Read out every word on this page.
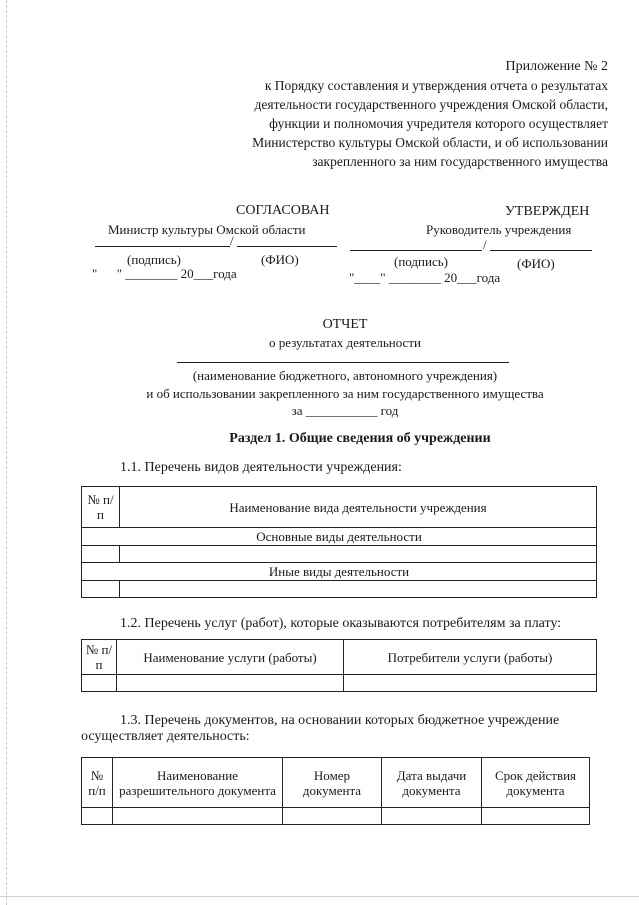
Приложение № 2
к Порядку составления и утверждения отчета о результатах
деятельности государственного учреждения Омской области,
функции и полномочия учредителя которого осуществляет
Министерство культуры Омской области, и об использовании
закрепленного за ним государственного имущества
СОГЛАСОВАН
Министр культуры Омской области
/
(подпись)	(ФИО)
"      " ________ 20___года
УТВЕРЖДЕН
Руководитель учреждения
/
(подпись)	(ФИО)
"____" ________ 20___года
ОТЧЕТ
о результатах деятельности
(наименование бюджетного, автономного учреждения)
и об использовании закрепленного за ним государственного имущества
за ___________ год
Раздел 1. Общие сведения об учреждении
1.1. Перечень видов деятельности учреждения:
№ п/п	Наименование вида деятельности учреждения
Основные виды деятельности	

Иные виды деятельности	

1.2. Перечень услуг (работ), которые оказываются потребителям за плату:
№ п/п	Наименование услуги (работы)	Потребители услуги (работы)

1.3. Перечень документов, на основании которых бюджетное учреждение
осуществляет деятельность:
№ п/п	Наименование разрешительного документа	Номер документа	Дата выдачи документа	Срок действия документа
